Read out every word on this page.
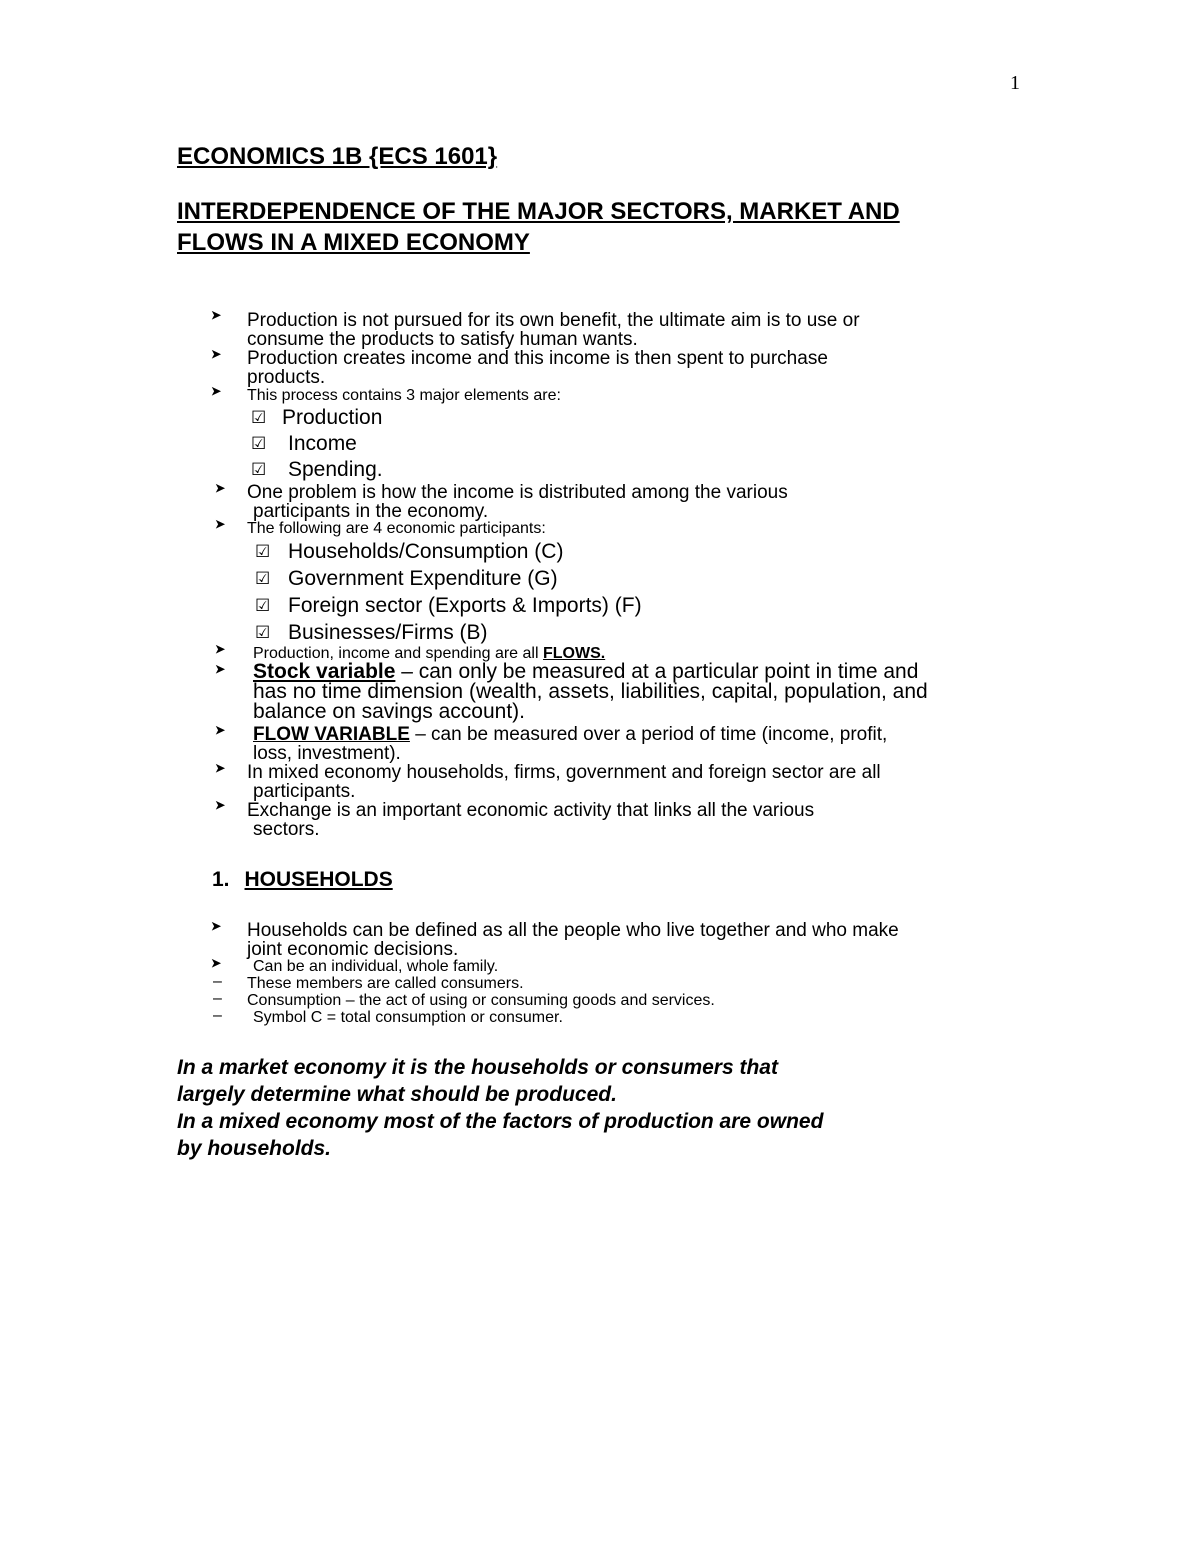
1
ECONOMICS 1B {ECS 1601}
INTERDEPENDENCE OF THE MAJOR SECTORS, MARKET AND
FLOWS IN A MIXED ECONOMY
➤ Production is not pursued for its own benefit, the ultimate aim is to use or
consume the products to satisfy human wants.
➤ Production creates income and this income is then spent to purchase
products.
➤ This process contains 3 major elements are:
☑ Production
☑ Income
☑ Spending.
➤ One problem is how the income is distributed among the various
participants in the economy.
➤ The following are 4 economic participants:
☑ Households/Consumption (C)
☑ Government Expenditure (G)
☑ Foreign sector (Exports & Imports) (F)
☑ Businesses/Firms (B)
➤ Production, income and spending are all FLOWS.
➤ Stock variable – can only be measured at a particular point in time and
has no time dimension (wealth, assets, liabilities, capital, population, and
balance on savings account).
➤ FLOW VARIABLE – can be measured over a period of time (income, profit,
loss, investment).
➤ In mixed economy households, firms, government and foreign sector are all
participants.
➤ Exchange is an important economic activity that links all the various
sectors.
1. HOUSEHOLDS
➤ Households can be defined as all the people who live together and who make
joint economic decisions.
➤ Can be an individual, whole family.
– These members are called consumers.
– Consumption – the act of using or consuming goods and services.
– Symbol C = total consumption or consumer.
In a market economy it is the households or consumers that
largely determine what should be produced.
In a mixed economy most of the factors of production are owned
by households.
